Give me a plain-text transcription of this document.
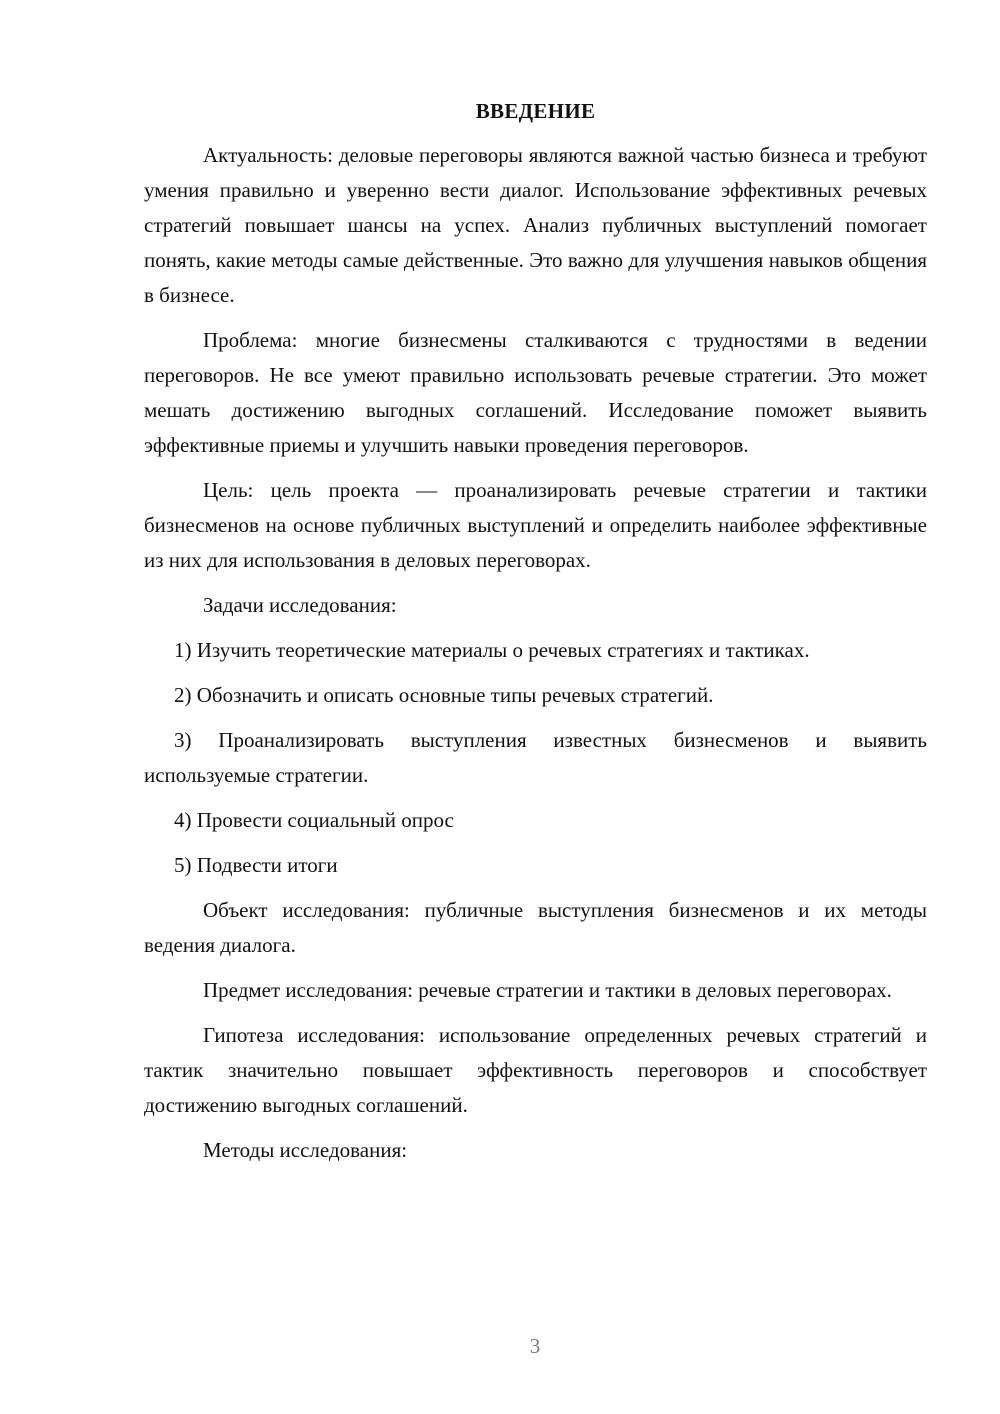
ВВЕДЕНИЕ

Актуальность: деловые переговоры являются важной частью бизнеса и требуют умения правильно и уверенно вести диалог. Использование эффективных речевых стратегий повышает шансы на успех. Анализ публичных выступлений помогает понять, какие методы самые действенные. Это важно для улучшения навыков общения в бизнесе.

Проблема: многие бизнесмены сталкиваются с трудностями в ведении переговоров. Не все умеют правильно использовать речевые стратегии. Это может мешать достижению выгодных соглашений. Исследование поможет выявить эффективные приемы и улучшить навыки проведения переговоров.

Цель: цель проекта — проанализировать речевые стратегии и тактики бизнесменов на основе публичных выступлений и определить наиболее эффективные из них для использования в деловых переговорах.

Задачи исследования:

1) Изучить теоретические материалы о речевых стратегиях и тактиках.

2) Обозначить и описать основные типы речевых стратегий.

3) Проанализировать выступления известных бизнесменов и выявить используемые стратегии.

4) Провести социальный опрос

5) Подвести итоги

Объект исследования: публичные выступления бизнесменов и их методы ведения диалога.

Предмет исследования: речевые стратегии и тактики в деловых переговорах.

Гипотеза исследования: использование определенных речевых стратегий и тактик значительно повышает эффективность переговоров и способствует достижению выгодных соглашений.

Методы исследования:

3
